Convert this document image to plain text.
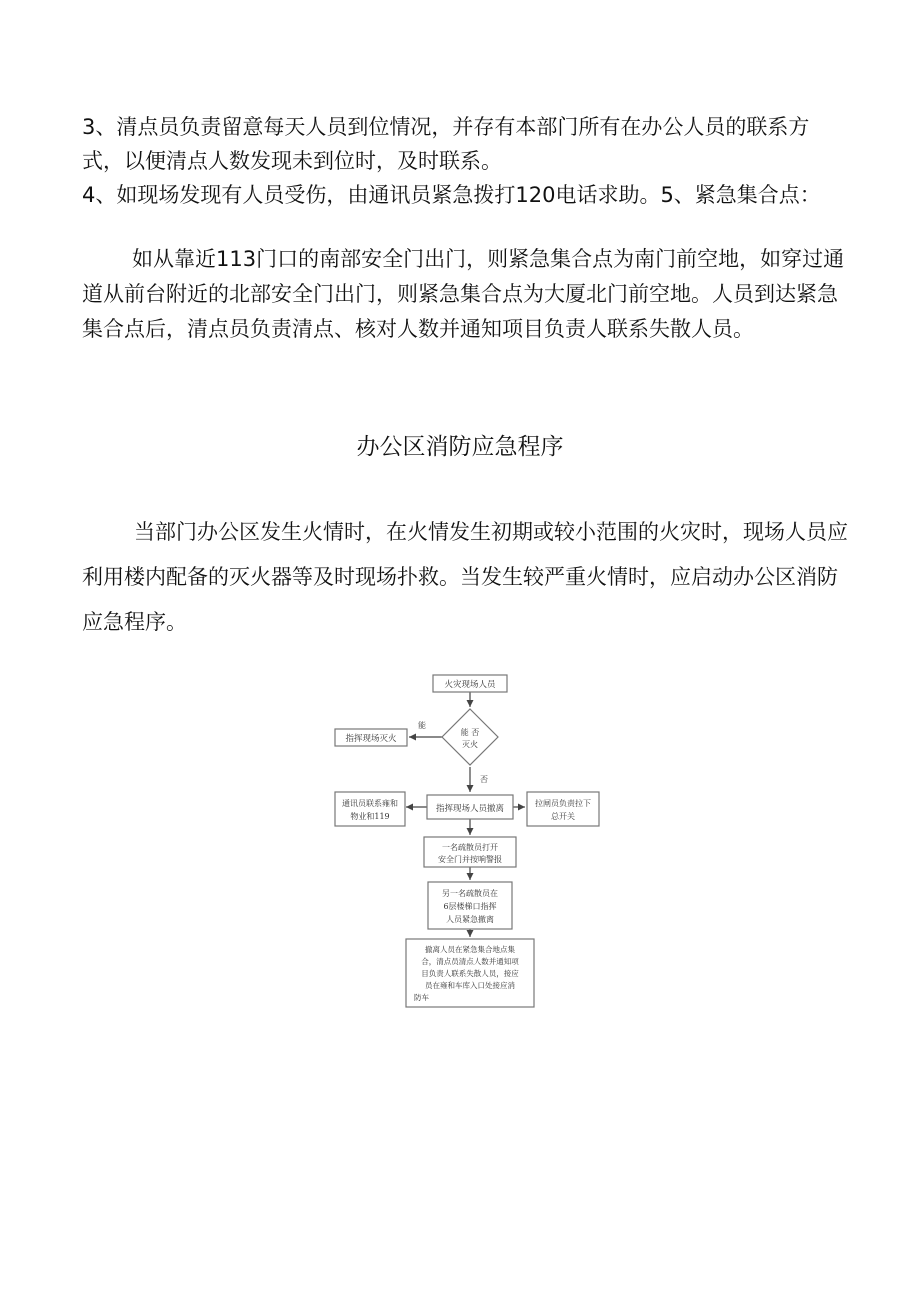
3、清点员负责留意每天人员到位情况，并存有本部门所有在办公人员的联系方式，以便清点人数发现未到位时，及时联系。

4、如现场发现有人员受伤，由通讯员紧急拨打120电话求助。5、紧急集合点：

如从靠近113门口的南部安全门出门，则紧急集合点为南门前空地，如穿过通道从前台附近的北部安全门出门，则紧急集合点为大厦北门前空地。人员到达紧急集合点后，清点员负责清点、核对人数并通知项目负责人联系失散人员。

办公区消防应急程序

当部门办公区发生火情时，在火情发生初期或较小范围的火灾时，现场人员应利用楼内配备的灭火器等及时现场扑救。当发生较严重火情时，应启动办公区消防应急程序。

火灾现场人员
能 否
灭火
能
否
指挥现场灭火
指挥现场人员撤离
通讯员联系雍和
物业和119
拉闸员负责拉下
总开关
一名疏散员打开
安全门并按响警报
另一名疏散员在
6层楼梯口指挥
人员紧急撤离
撤离人员在紧急集合地点集
合，清点员清点人数并通知项
目负责人联系失散人员，接应
员在雍和车库入口处接应消
防车
